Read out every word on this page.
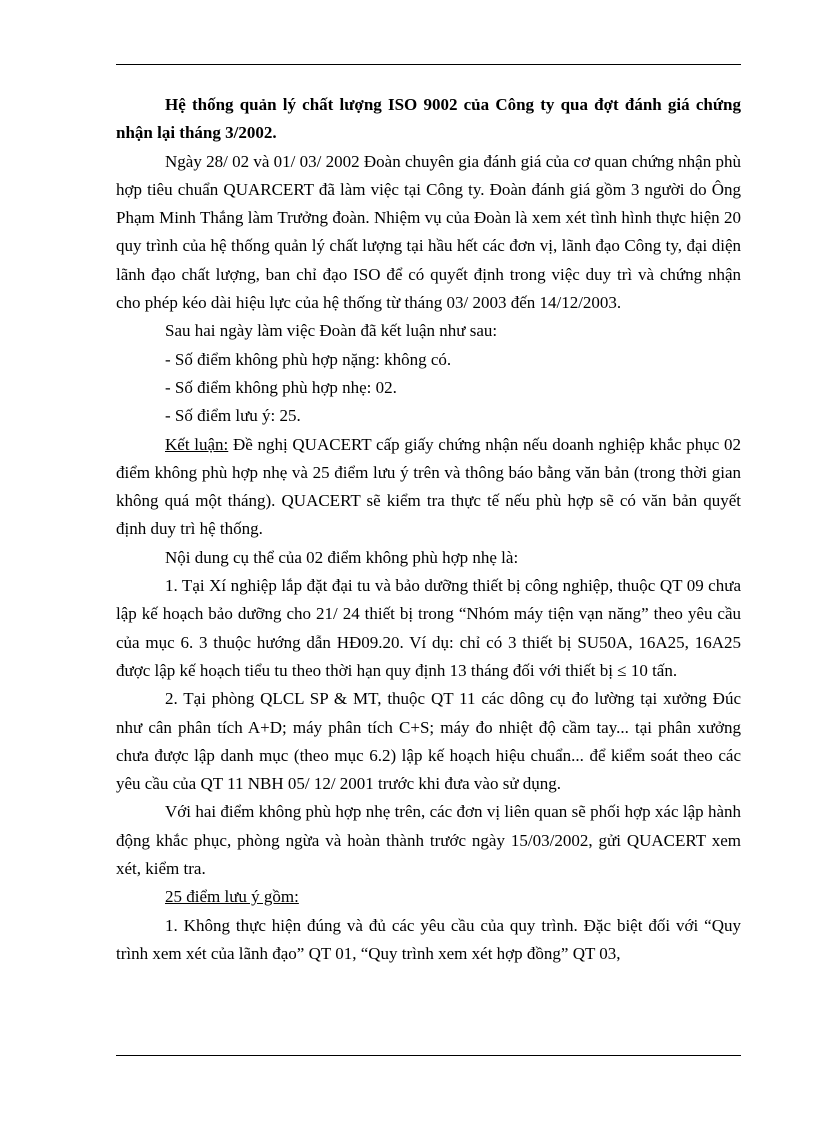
Hệ thống quản lý chất lượng ISO 9002 của Công ty qua đợt đánh giá chứng nhận lại tháng 3/2002.

Ngày 28/ 02 và 01/ 03/ 2002 Đoàn chuyên gia đánh giá của cơ quan chứng nhận phù hợp tiêu chuẩn QUARCERT đã làm việc tại Công ty. Đoàn đánh giá gồm 3 người do Ông Phạm Minh Thắng làm Trưởng đoàn. Nhiệm vụ của Đoàn là xem xét tình hình thực hiện 20 quy trình của hệ thống quản lý chất lượng tại hầu hết các đơn vị, lãnh đạo Công ty, đại diện lãnh đạo chất lượng, ban chỉ đạo ISO để có quyết định trong việc duy trì và chứng nhận cho phép kéo dài hiệu lực của hệ thống từ tháng 03/ 2003 đến 14/12/2003.

Sau hai ngày làm việc Đoàn đã kết luận như sau:

- Số điểm không phù hợp nặng: không có.

- Số điểm không phù hợp nhẹ: 02.

- Số điểm lưu ý: 25.

Kết luận: Đề nghị QUACERT cấp giấy chứng nhận nếu doanh nghiệp khắc phục 02 điểm không phù hợp nhẹ và 25 điểm lưu ý trên và thông báo bằng văn bản (trong thời gian không quá một tháng). QUACERT sẽ kiểm tra thực tế nếu phù hợp sẽ có văn bản quyết định duy trì hệ thống.

Nội dung cụ thể của 02 điểm không phù hợp nhẹ là:

1. Tại Xí nghiệp lắp đặt đại tu và bảo dưỡng thiết bị công nghiệp, thuộc QT 09 chưa lập kế hoạch bảo dưỡng cho 21/ 24 thiết bị trong “Nhóm máy tiện vạn năng” theo yêu cầu của mục 6. 3 thuộc hướng dẫn HĐ09.20. Ví dụ: chỉ có 3 thiết bị SU50A, 16A25, 16A25 được lập kế hoạch tiểu tu theo thời hạn quy định 13 tháng đối với thiết bị ≤ 10 tấn.

2. Tại phòng QLCL SP & MT, thuộc QT 11 các dông cụ đo lường tại xưởng Đúc như cân phân tích A+D; máy phân tích C+S; máy đo nhiệt độ cầm tay... tại phân xưởng chưa được lập danh mục (theo mục 6.2) lập kế hoạch hiệu chuẩn... để kiểm soát theo các yêu cầu của QT 11 NBH 05/ 12/ 2001 trước khi đưa vào sử dụng.

Với hai điểm không phù hợp nhẹ trên, các đơn vị liên quan sẽ phối hợp xác lập hành động khắc phục, phòng ngừa và hoàn thành trước ngày 15/03/2002, gửi QUACERT xem xét, kiểm tra.

25 điểm lưu ý gồm:

1. Không thực hiện đúng và đủ các yêu cầu của quy trình. Đặc biệt đối với “Quy trình xem xét của lãnh đạo” QT 01, “Quy trình xem xét hợp đồng” QT 03,
